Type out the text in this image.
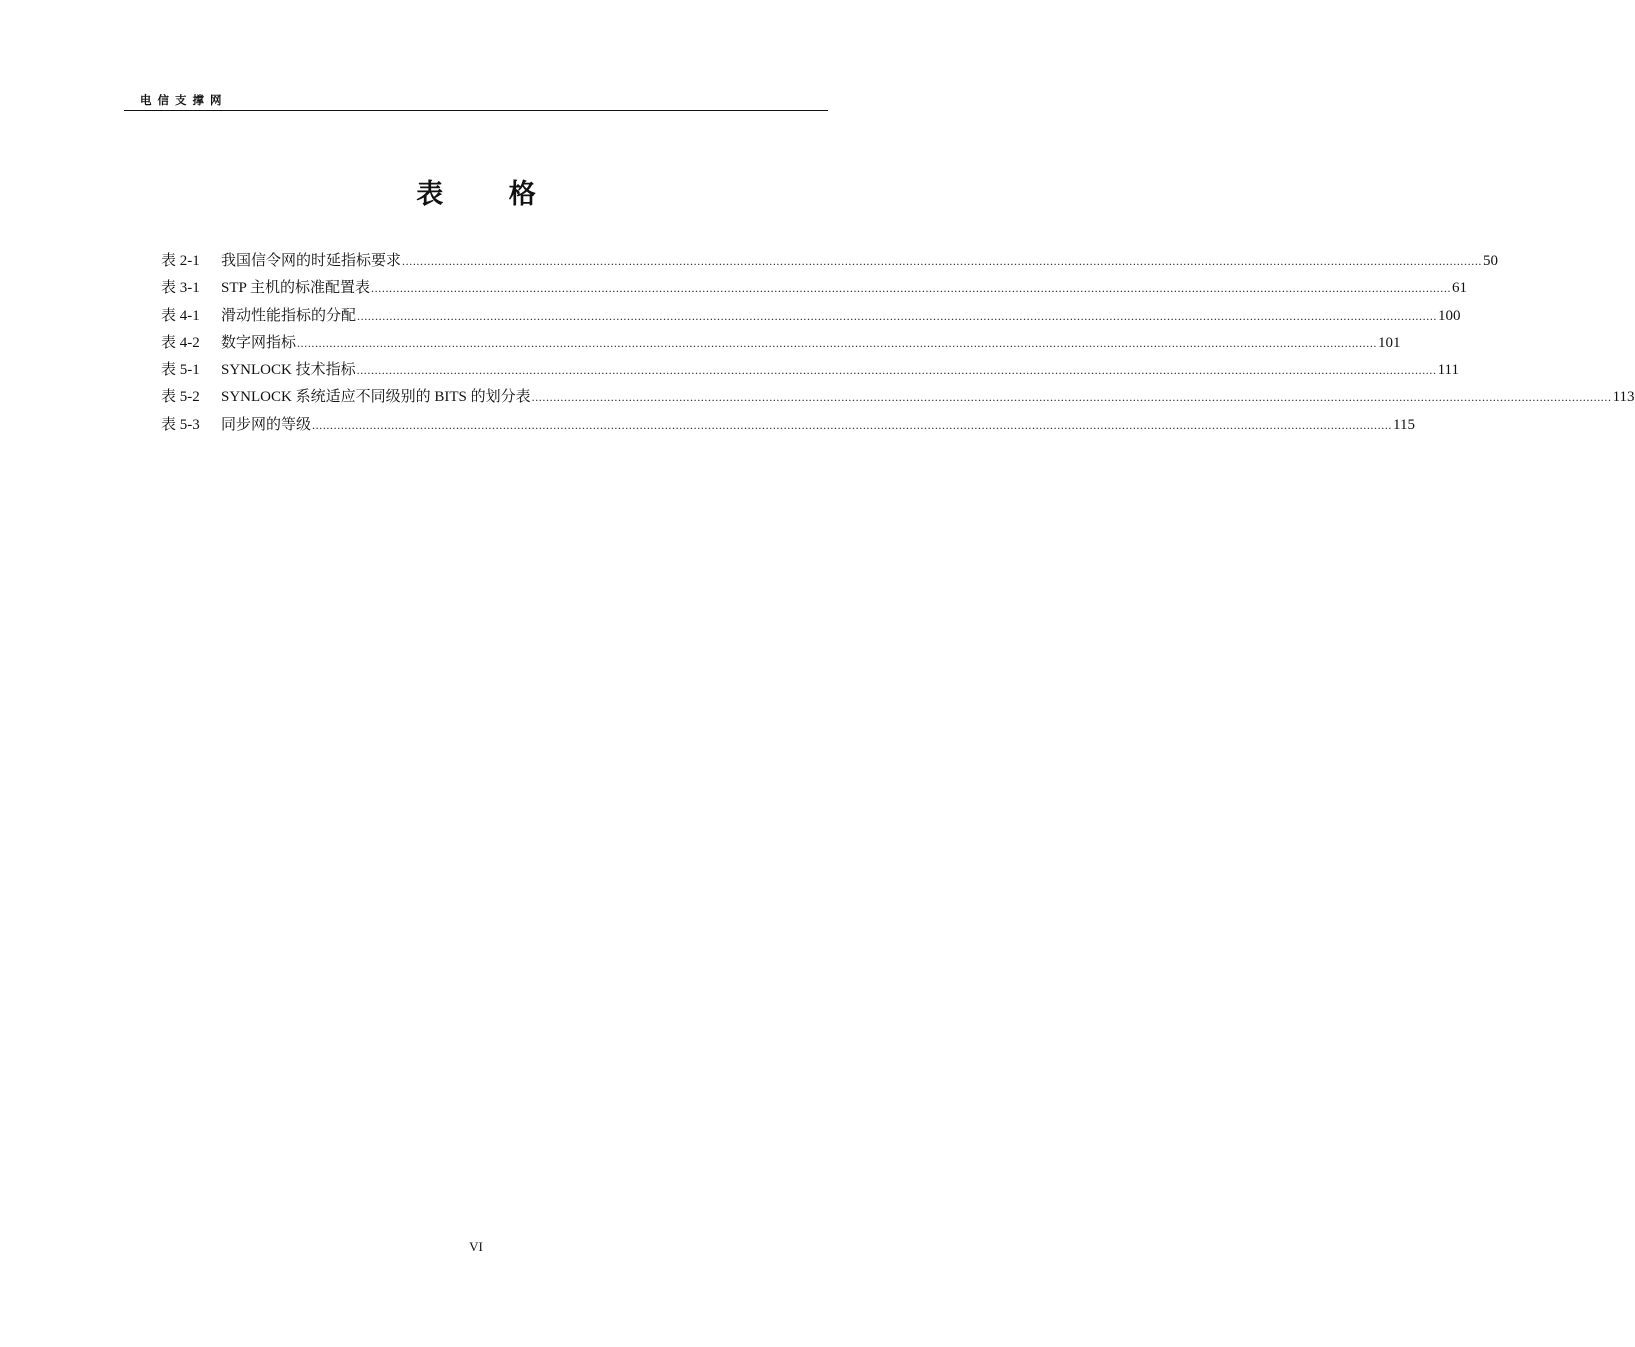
电信支撑网
表 格
表 2-1	我国信令网的时延指标要求 ............................................................................................................................................................................................................................................................................................................ 50
表 3-1	STP 主机的标准配置表 ............................................................................................................................................................................................................................................................................................................ 61
表 4-1	滑动性能指标的分配 ............................................................................................................................................................................................................................................................................................................ 100
表 4-2	数字网指标 ............................................................................................................................................................................................................................................................................................................ 101
表 5-1	SYNLOCK 技术指标 ............................................................................................................................................................................................................................................................................................................ 111
表 5-2	SYNLOCK 系统适应不同级别的 BITS 的划分表 ............................................................................................................................................................................................................................................................................................................ 113
表 5-3	同步网的等级 ............................................................................................................................................................................................................................................................................................................ 115
VI
